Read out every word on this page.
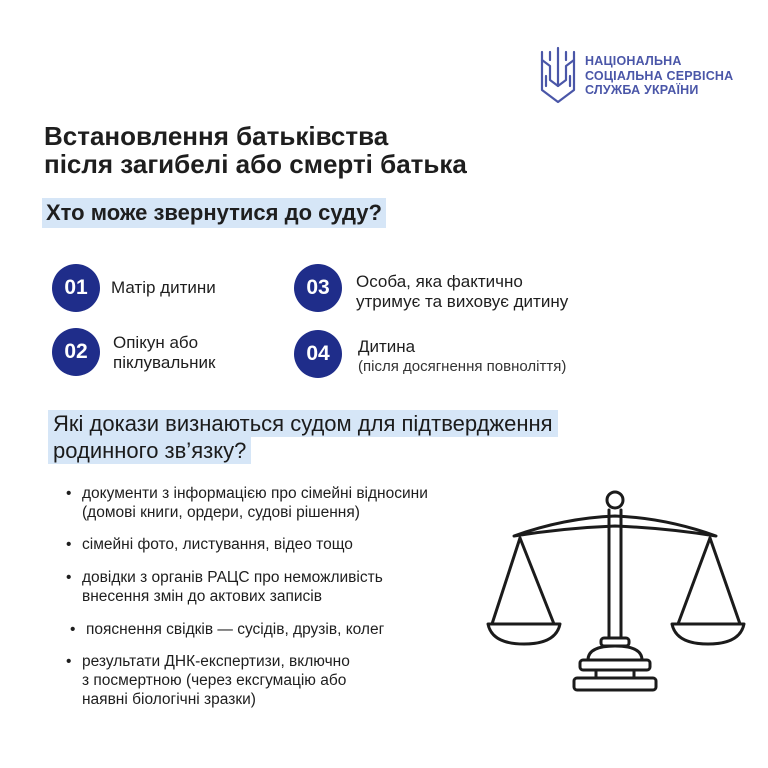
НАЦІОНАЛЬНА
СОЦІАЛЬНА СЕРВІСНА
СЛУЖБА УКРАЇНИ
Встановлення батьківства
після загибелі або смерті батька
Хто може звернутися до суду?
01	Матір дитини
02	Опікун або
піклувальник
03	Особа, яка фактично
утримує та виховує дитину
04	Дитина
(після досягнення повноліття)
Які докази визнаються судом для підтвердження
родинного зв’язку?
• документи з інформацією про сімейні відносини
(домові книги, ордери, судові рішення)
• сімейні фото, листування, відео тощо
• довідки з органів РАЦС про неможливість
внесення змін до актових записів
• пояснення свідків — сусідів, друзів, колег
• результати ДНК-експертизи, включно
з посмертною (через ексгумацію або
наявні біологічні зразки)
